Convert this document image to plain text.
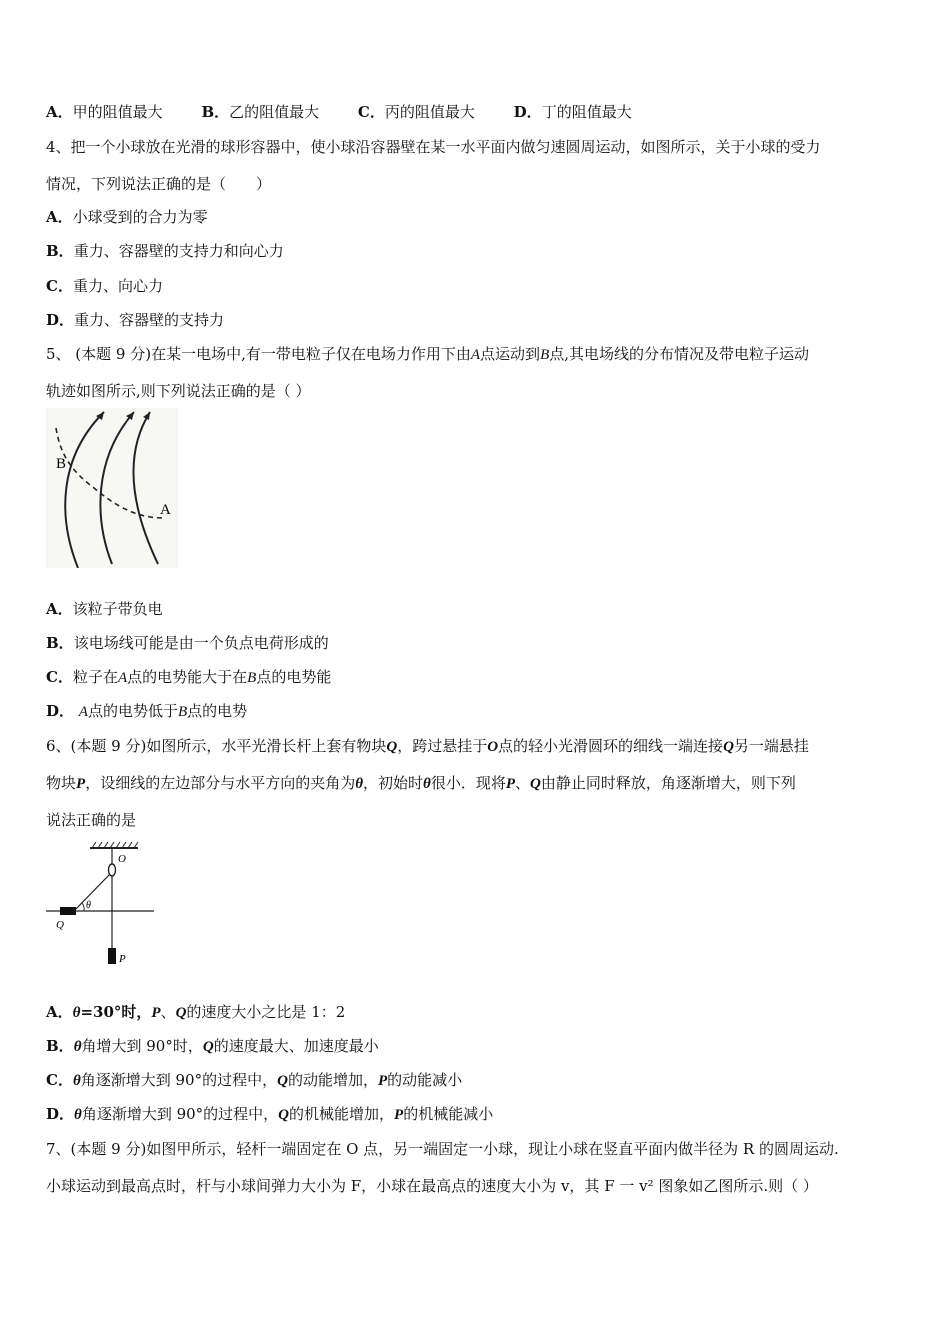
A．甲的阻值最大	B．乙的阻值最大	C．丙的阻值最大	D．丁的阻值最大
4、把一个小球放在光滑的球形容器中，使小球沿容器壁在某一水平面内做匀速圆周运动，如图所示，关于小球的受力
情况，下列说法正确的是（　　）
A．小球受到的合力为零
B．重力、容器壁的支持力和向心力
C．重力、向心力
D．重力、容器壁的支持力
5、 (本题 9 分)在某一电场中,有一带电粒子仅在电场力作用下由A点运动到B点,其电场线的分布情况及带电粒子运动
轨迹如图所示,则下列说法正确的是（ ）
B
A
A．该粒子带负电
B．该电场线可能是由一个负点电荷形成的
C．粒子在A点的电势能大于在B点的电势能
D． A点的电势低于B点的电势
6、(本题 9 分)如图所示，水平光滑长杆上套有物块Q，跨过悬挂于O点的轻小光滑圆环的细线一端连接Q另一端悬挂
物块P，设细线的左边部分与水平方向的夹角为θ，初始时θ很小．现将P、Q由静止同时释放，角逐渐增大，则下列
说法正确的是
O
θ
Q
P
A．θ=30°时，P、Q的速度大小之比是 1：2
B．θ角增大到 90°时，Q的速度最大、加速度最小
C．θ角逐渐增大到 90°的过程中，Q的动能增加，P的动能减小
D．θ角逐渐增大到 90°的过程中，Q的机械能增加，P的机械能减小
7、(本题 9 分)如图甲所示，轻杆一端固定在 O 点，另一端固定一小球，现让小球在竖直平面内做半径为 R 的圆周运动.
小球运动到最高点时，杆与小球间弹力大小为 F，小球在最高点的速度大小为 v，其 F 一 v² 图象如乙图所示.则（ ）
